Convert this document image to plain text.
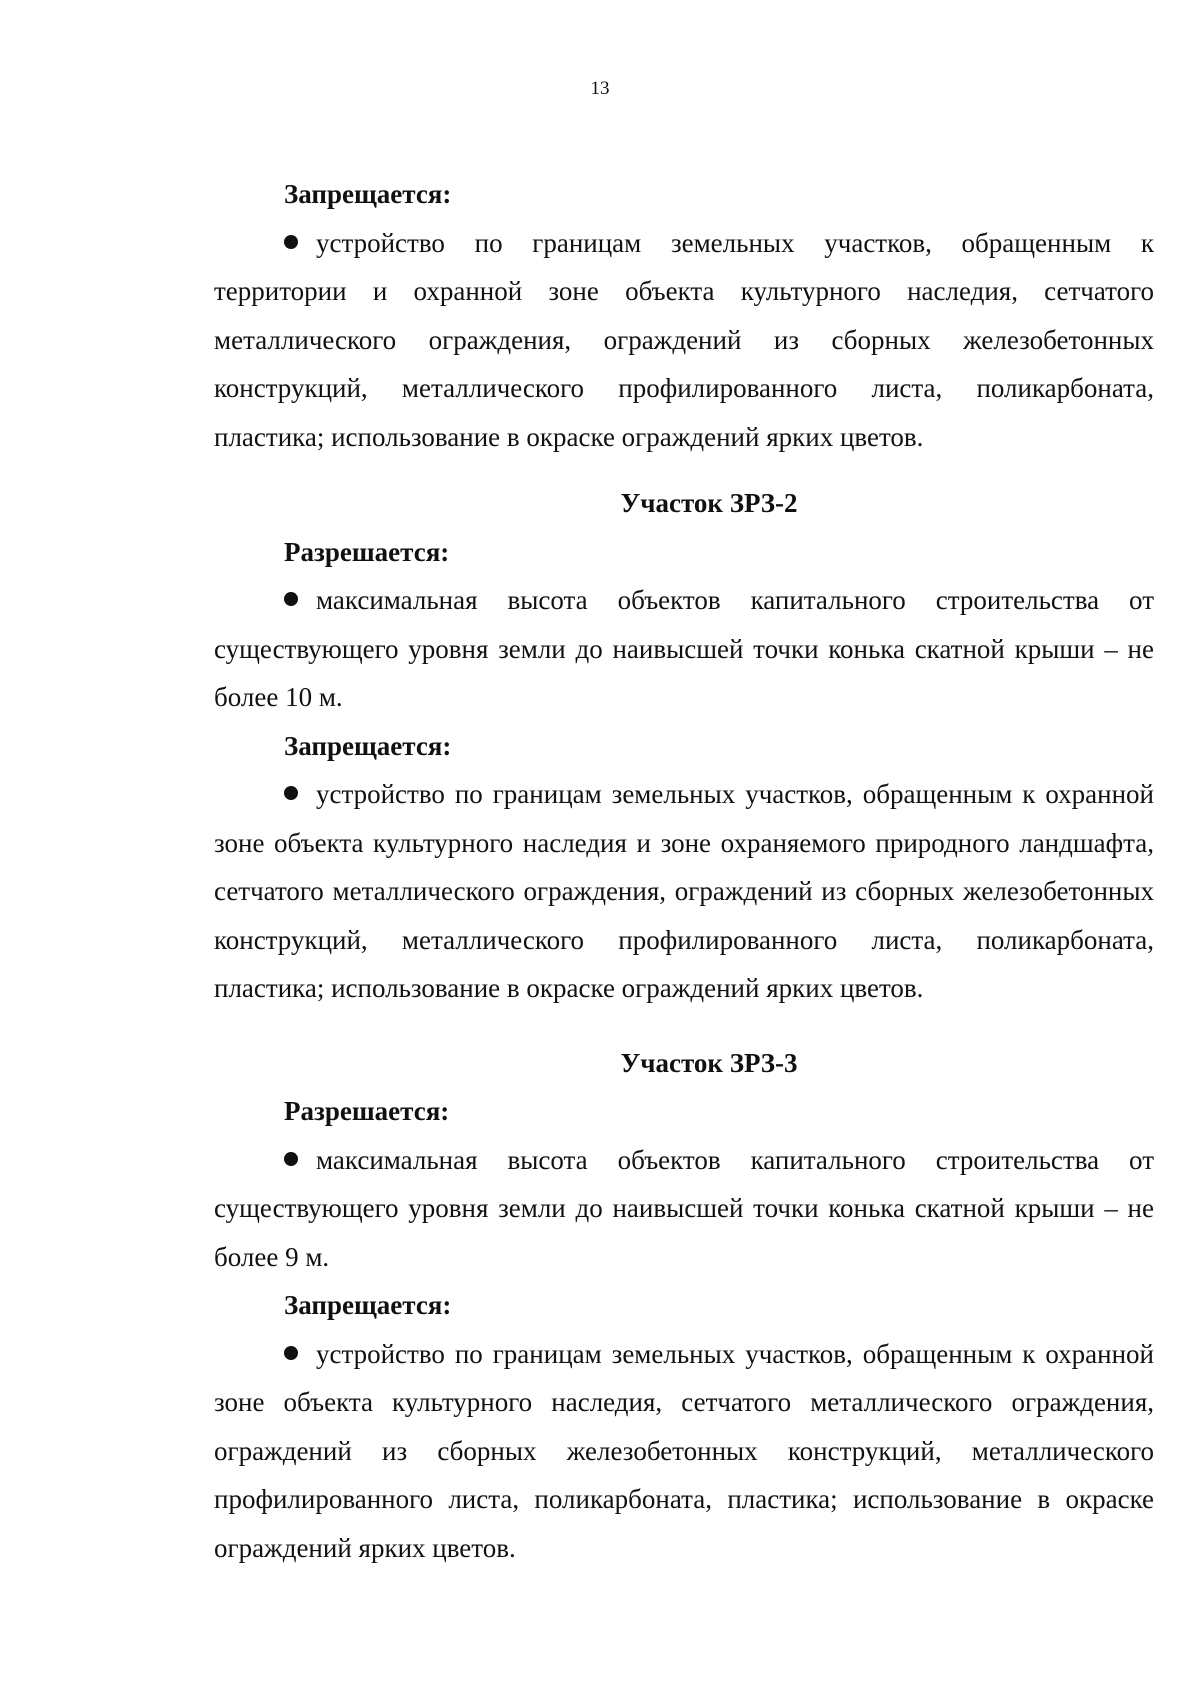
13

Запрещается:

устройство по границам земельных участков, обращенным к территории и охранной зоне объекта культурного наследия, сетчатого металлического ограждения, ограждений из сборных железобетонных конструкций, металлического профилированного листа, поликарбоната, пластика; использование в окраске ограждений ярких цветов.

Участок ЗРЗ-2

Разрешается:

максимальная высота объектов капитального строительства от существующего уровня земли до наивысшей точки конька скатной крыши – не более 10 м.

Запрещается:

устройство по границам земельных участков, обращенным к охранной зоне объекта культурного наследия и зоне охраняемого природного ландшафта, сетчатого металлического ограждения, ограждений из сборных железобетонных конструкций, металлического профилированного листа, поликарбоната, пластика; использование в окраске ограждений ярких цветов.

Участок ЗРЗ-3

Разрешается:

максимальная высота объектов капитального строительства от существующего уровня земли до наивысшей точки конька скатной крыши – не более 9 м.

Запрещается:

устройство по границам земельных участков, обращенным к охранной зоне объекта культурного наследия, сетчатого металлического ограждения, ограждений из сборных железобетонных конструкций, металлического профилированного листа, поликарбоната, пластика; использование в окраске ограждений ярких цветов.
